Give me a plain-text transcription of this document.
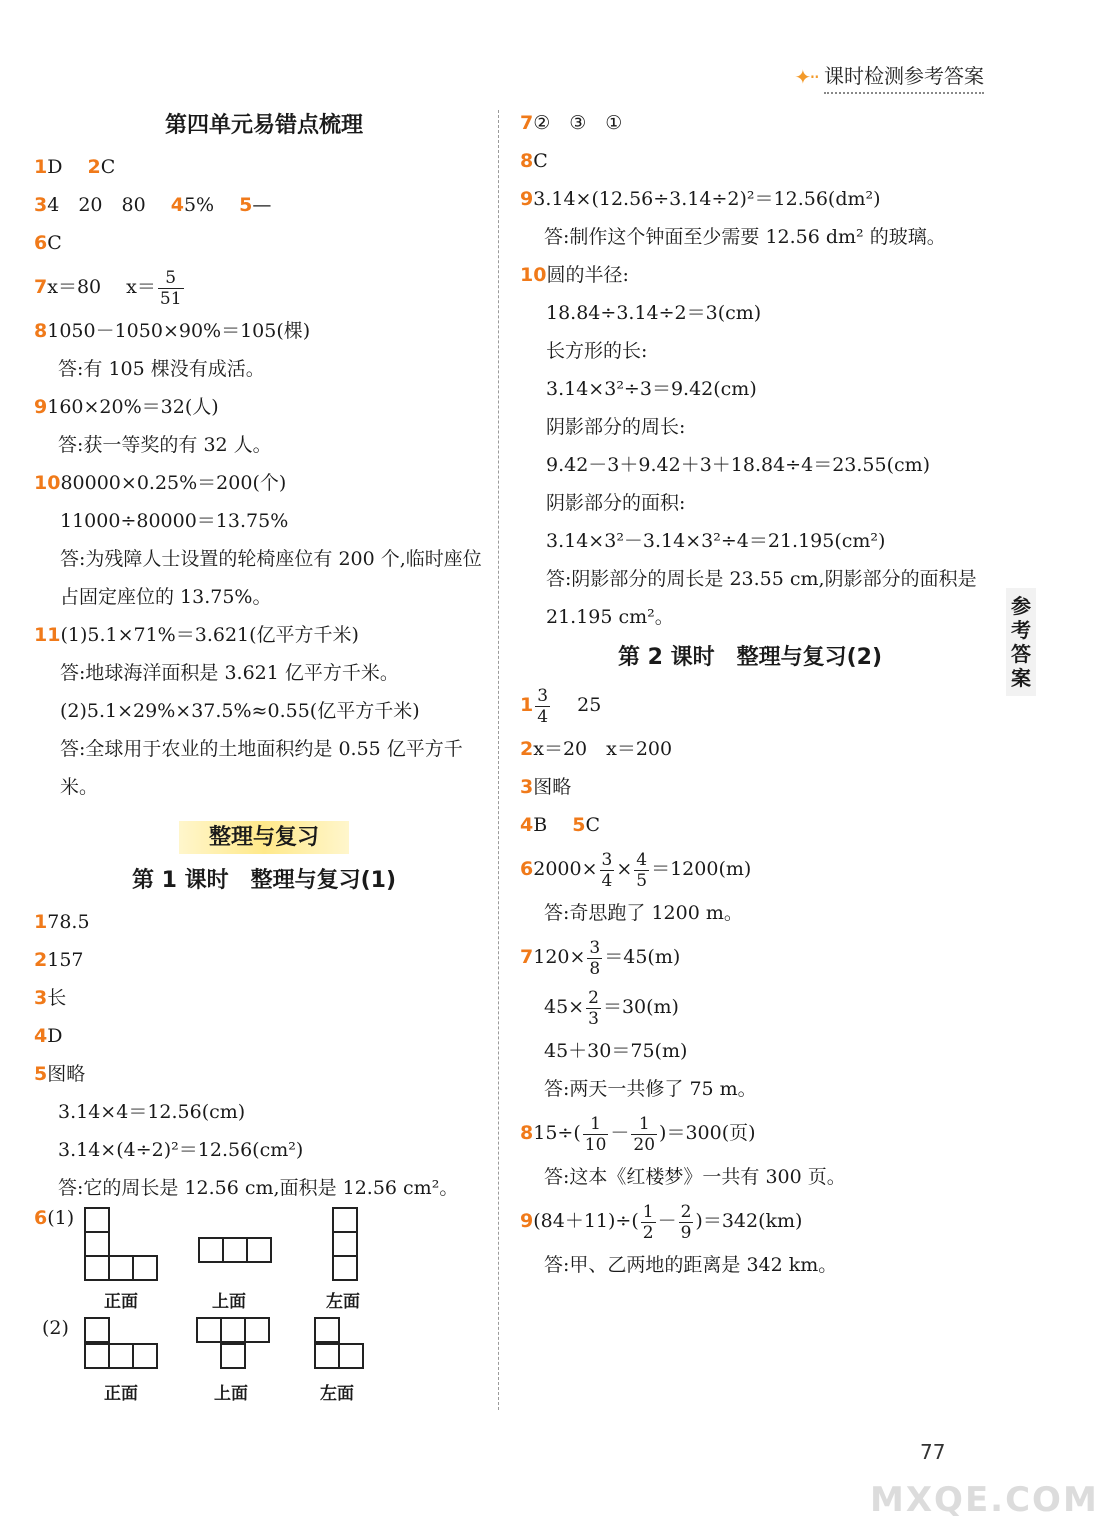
✦·· 课时检测参考答案
第四单元易错点梳理
1D　 2C
34　20　80　 45%　 5—
6C
7x＝80　 $x= \frac{5}{51}$
81050－1050×90%＝105(棵)
答:有 105 棵没有成活。
9160×20%＝32(人)
答:获一等奖的有 32 人。
1080000×0.25%＝200(个)
11000÷80000＝13.75%
答:为残障人士设置的轮椅座位有 200 个,临时座位占固定座位的 13.75%。
11(1)5.1×71%＝3.621(亿平方千米)
答:地球海洋面积是 3.621 亿平方千米。
(2)5.1×29%×37.5%≈0.55(亿平方千米)
答:全球用于农业的土地面积约是 0.55 亿平方千米。
整理与复习
第 1 课时　整理与复习(1)
178.5
2157
3长
4D
5图略
3.14×4＝12.56(cm)
3.14×(4÷2)²＝12.56(cm²)
答:它的周长是 12.56 cm,面积是 12.56 cm²。
6(1)
正面	上面	左面
(2)
正面	上面	左面
7②　③　①
8C
93.14×(12.56÷3.14÷2)²＝12.56(dm²)
答:制作这个钟面至少需要 12.56 dm² 的玻璃。
10圆的半径:
18.84÷3.14÷2＝3(cm)
长方形的长:
3.14×3²÷3＝9.42(cm)
阴影部分的周长:
9.42－3＋9.42＋3＋18.84÷4＝23.55(cm)
阴影部分的面积:
3.14×3²－3.14×3²÷4＝21.195(cm²)
答:阴影部分的周长是 23.55 cm,阴影部分的面积是 21.195 cm²。
第 2 课时　整理与复习(2)
$1 \frac{3}{4}$
　 25
2x＝20　x＝200
3图略
4B　 5C
$62000\times \frac{3}{4} \times \frac{4}{5} =1200(m)$
答:奇思跑了 1200 m。
$7120\times \frac{3}{8} =45(m)$
$45\times \frac{2}{3} =30(m)$
45＋30＝75(m)
答:两天一共修了 75 m。
$815\div( \frac{1}{10} - \frac{1}{20} )=300$(页)
答:这本《红楼梦》一共有 300 页。
$9(84+11)\div( \frac{1}{2} - \frac{2}{9} )=342(km)$
答:甲、乙两地的距离是 342 km。
参考答案
77
MXQE.COM
